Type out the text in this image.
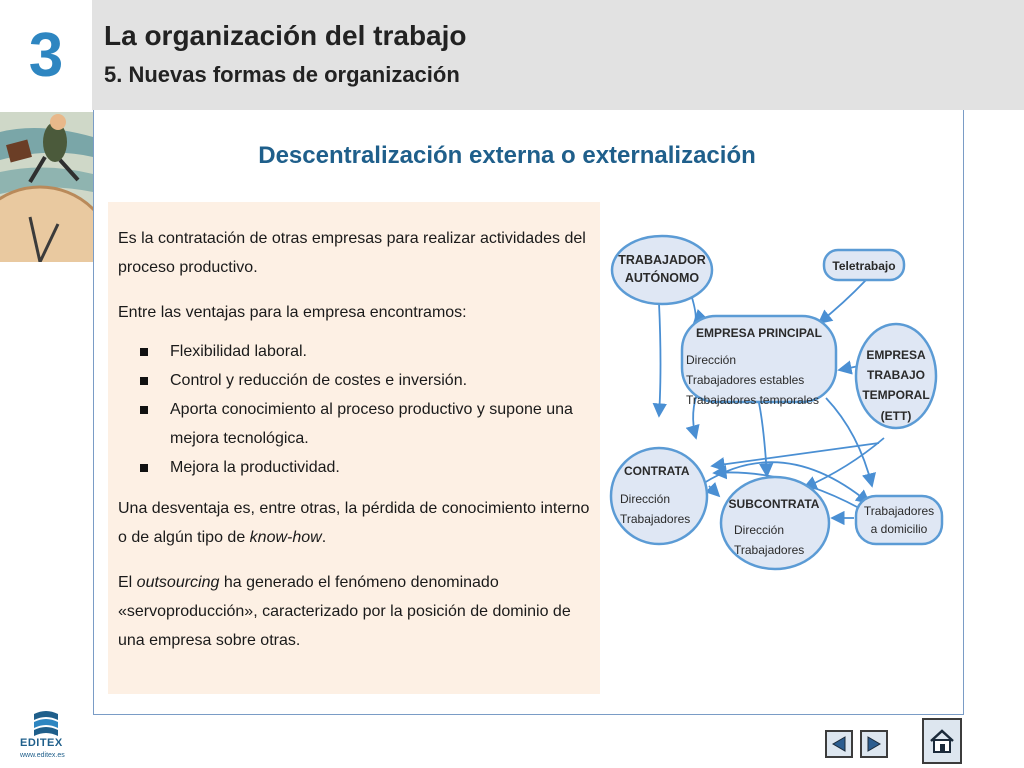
3 La organización del trabajo
5. Nuevas formas de organización
Descentralización externa o externalización

Es la contratación de otras empresas para realizar actividades del proceso productivo.

Entre las ventajas para la empresa encontramos:

Flexibilidad laboral.
Control y reducción de costes e inversión.
Aporta conocimiento al proceso productivo y supone una mejora tecnológica.
Mejora la productividad.

Una desventaja es, entre otras, la pérdida de conocimiento interno o de algún tipo de know-how.

El outsourcing ha generado el fenómeno denominado «servoproducción», caracterizado por la posición de dominio de una empresa sobre otras.

TRABAJADOR
AUTÓNOMO
Teletrabajo
EMPRESA PRINCIPAL
Dirección
Trabajadores estables
Trabajadores temporales
EMPRESA
TRABAJO
TEMPORAL
(ETT)
CONTRATA
Dirección
Trabajadores
SUBCONTRATA
Dirección
Trabajadores
Trabajadores
a domicilio
EDITEX
www.editex.es
